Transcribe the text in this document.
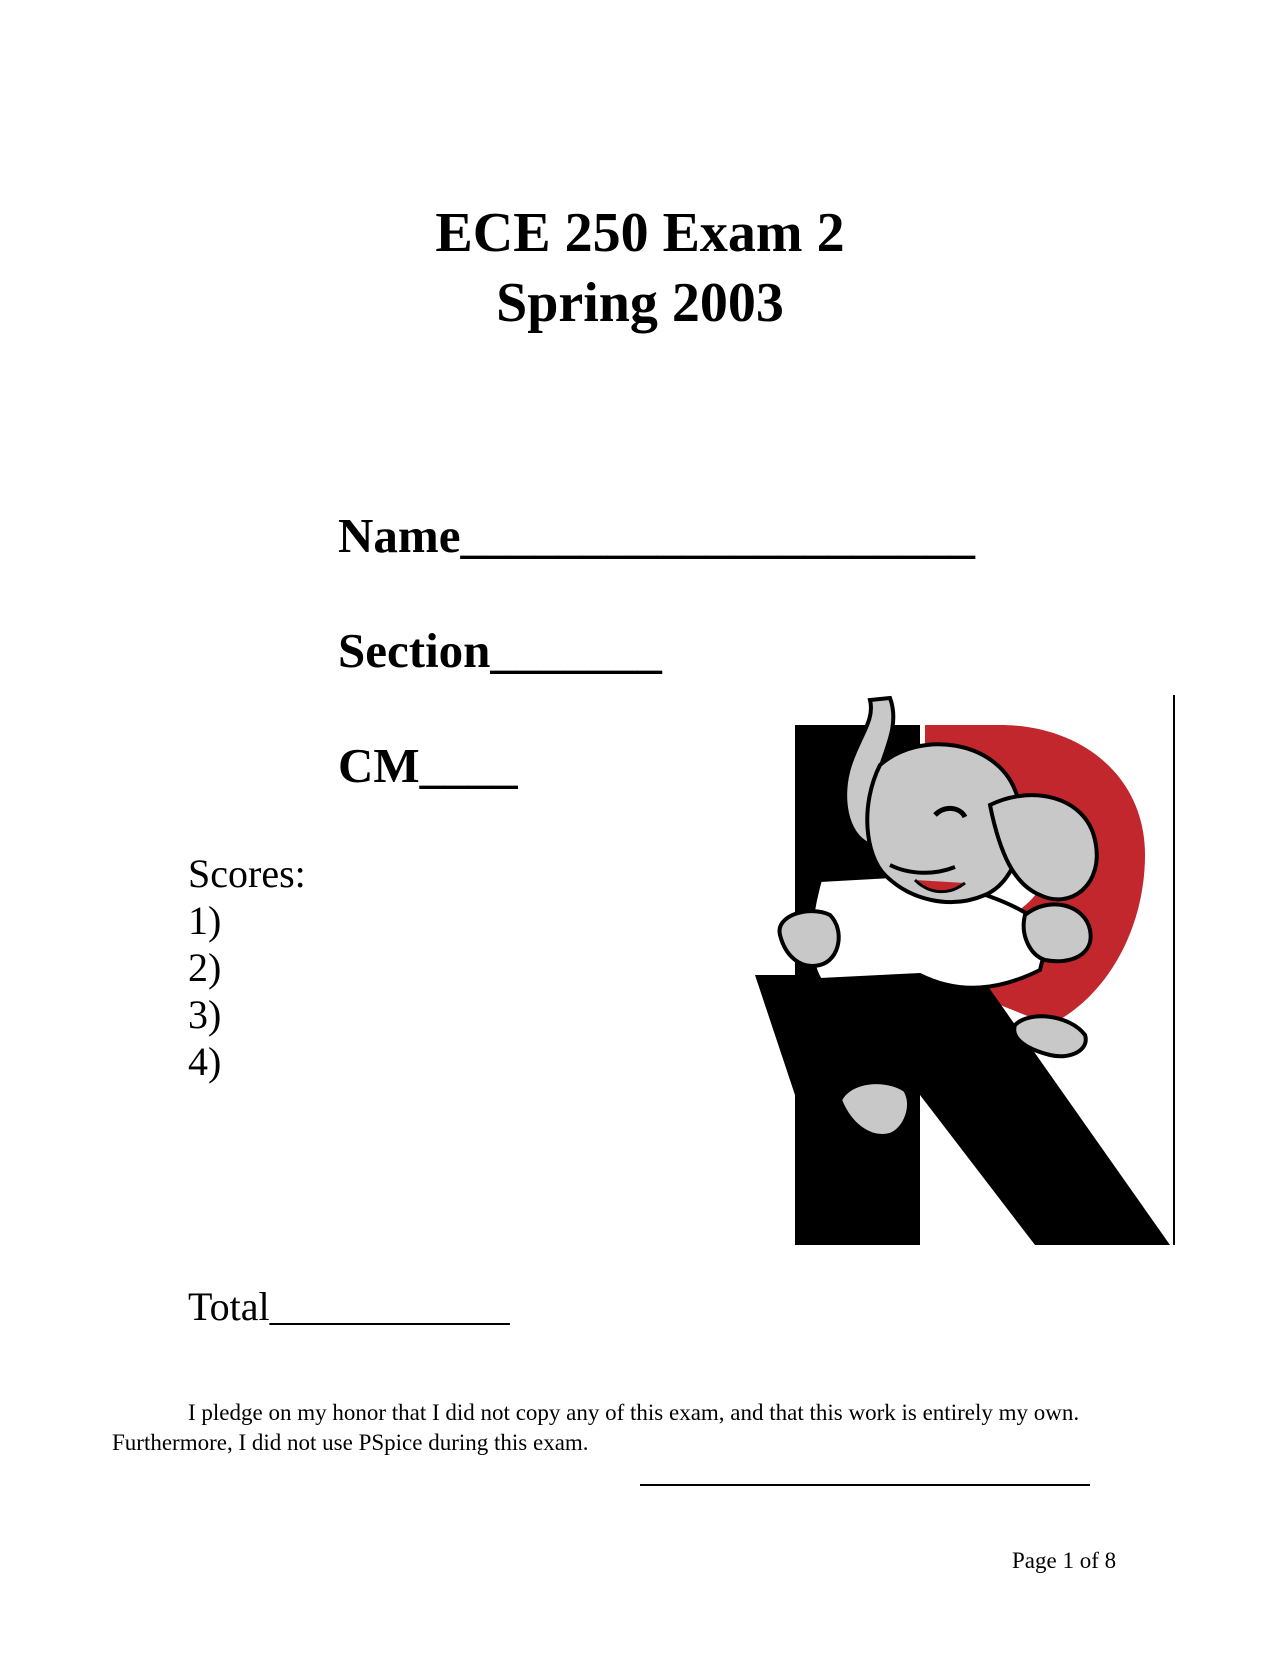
ECE 250 Exam 2
Spring 2003
Name_____________________
Section_______
CM____
Scores:
1)
2)
3)
4)
Total____________
I pledge on my honor that I did not copy any of this exam, and that this work is entirely my own.
Furthermore, I did not use PSpice during this exam.
Page 1 of 8
